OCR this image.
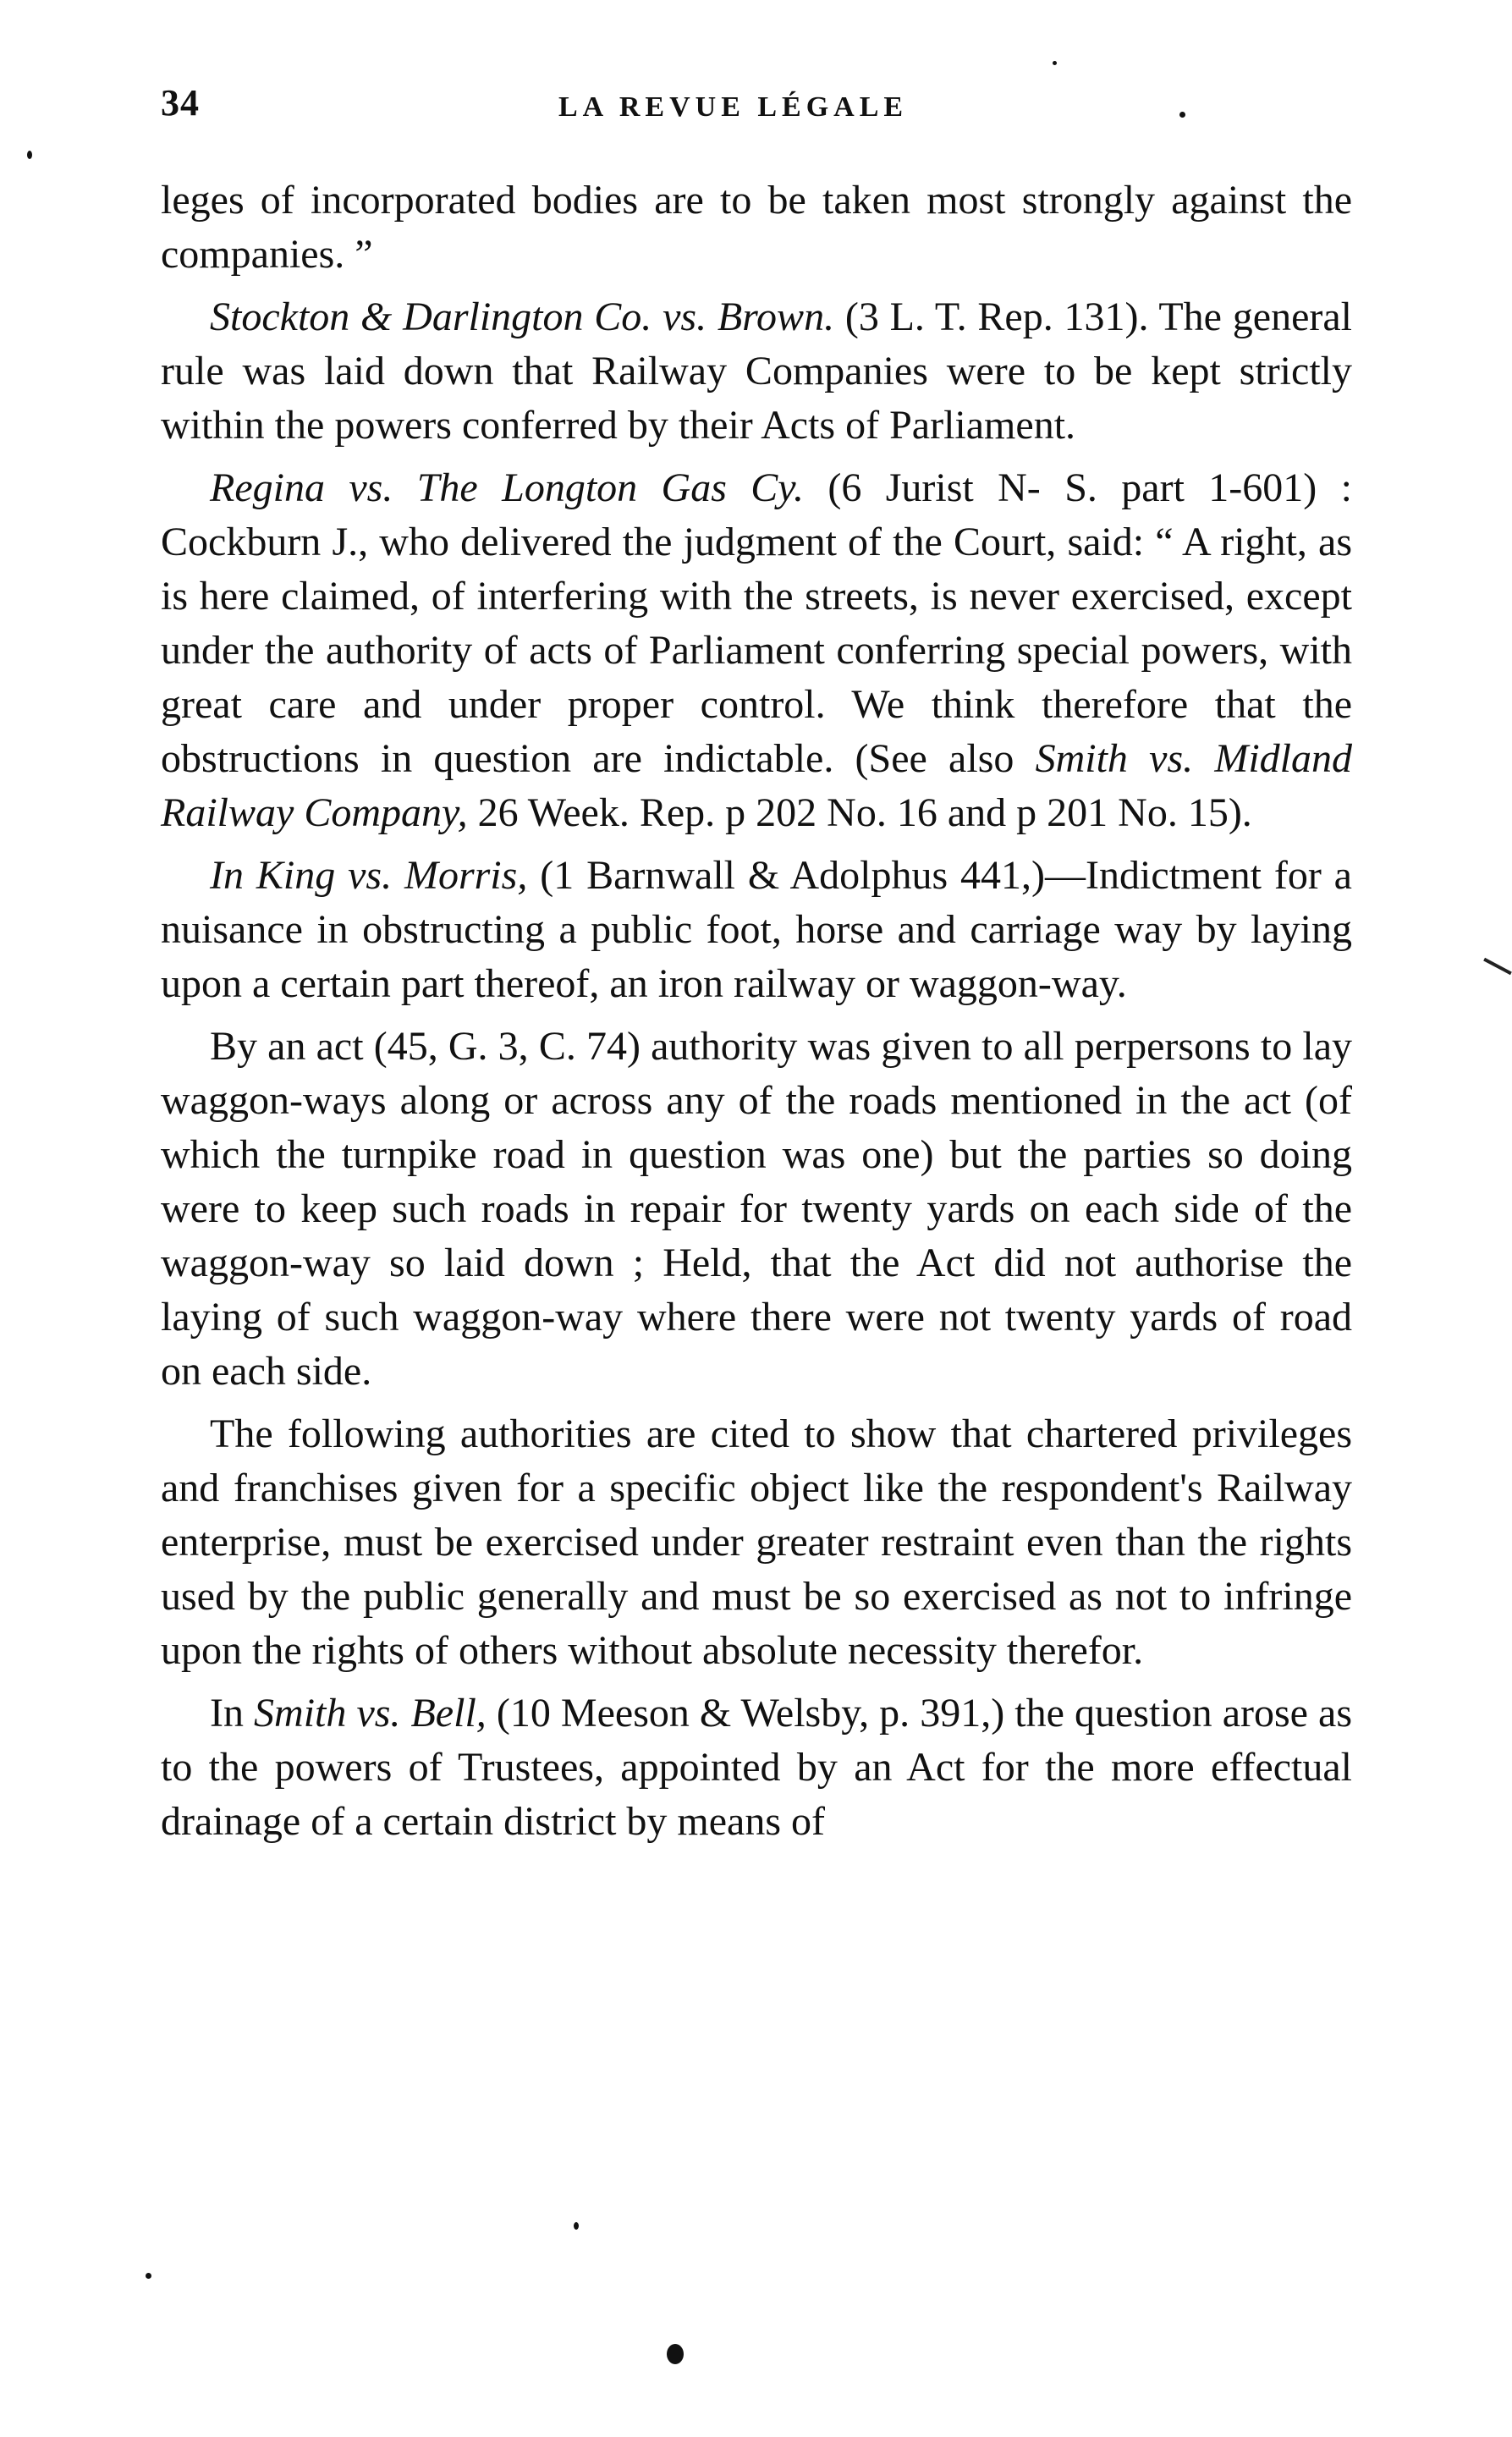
34	LA REVUE LÉGALE

leges of incorporated bodies are to be taken most strongly against the companies. ”

Stockton & Darlington Co. vs. Brown. (3 L. T. Rep. 131). The general rule was laid down that Railway Companies were to be kept strictly within the powers conferred by their Acts of Parliament.

Regina vs. The Longton Gas Cy. (6 Jurist N- S. part 1-601) : Cockburn J., who delivered the judgment of the Court, said: “ A right, as is here claimed, of interfering with the streets, is never exercised, except under the authority of acts of Parliament conferring special powers, with great care and under proper control. We think therefore that the obstructions in question are indictable. (See also Smith vs. Midland Railway Company, 26 Week. Rep. p 202 No. 16 and p 201 No. 15).

In King vs. Morris, (1 Barnwall & Adolphus 441,)—Indictment for a nuisance in obstructing a public foot, horse and carriage way by laying upon a certain part thereof, an iron railway or waggon-way.

By an act (45, G. 3, C. 74) authority was given to all perpersons to lay waggon-ways along or across any of the roads mentioned in the act (of which the turnpike road in question was one) but the parties so doing were to keep such roads in repair for twenty yards on each side of the waggon-way so laid down ; Held, that the Act did not authorise the laying of such waggon-way where there were not twenty yards of road on each side.

The following authorities are cited to show that chartered privileges and franchises given for a specific object like the respondent's Railway enterprise, must be exercised under greater restraint even than the rights used by the public generally and must be so exercised as not to infringe upon the rights of others without absolute necessity therefor.

In Smith vs. Bell, (10 Meeson & Welsby, p. 391,) the question arose as to the powers of Trustees, appointed by an Act for the more effectual drainage of a certain district by means of
